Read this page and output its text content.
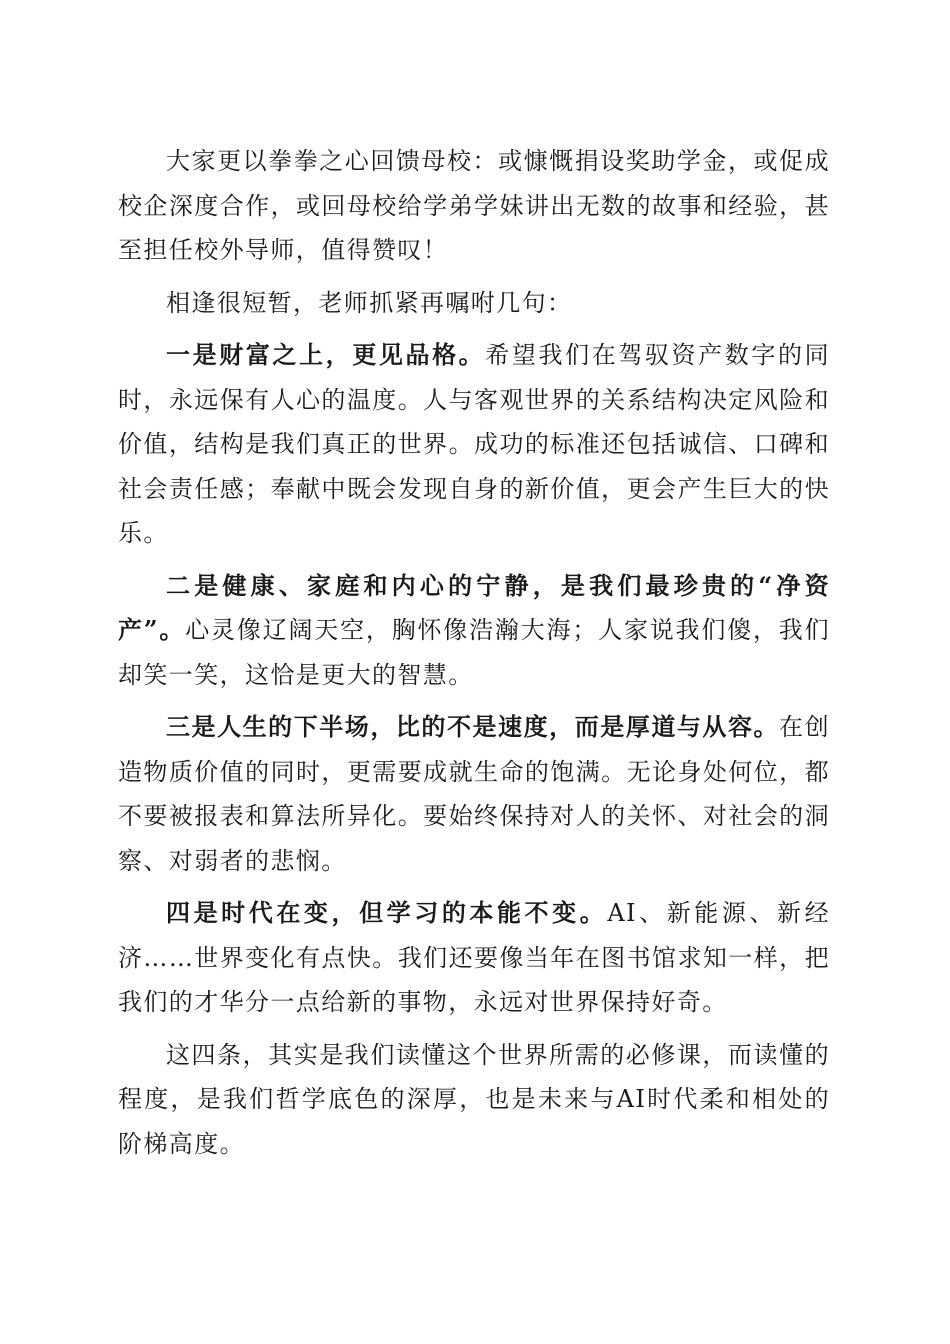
大家更以拳拳之心回馈母校：或慷慨捐设奖助学金，或促成校企深度合作，或回母校给学弟学妹讲出无数的故事和经验，甚至担任校外导师，值得赞叹！

相逢很短暂，老师抓紧再嘱咐几句：

一是财富之上，更见品格。希望我们在驾驭资产数字的同时，永远保有人心的温度。人与客观世界的关系结构决定风险和价值，结构是我们真正的世界。成功的标准还包括诚信、口碑和社会责任感；奉献中既会发现自身的新价值，更会产生巨大的快乐。

二是健康、家庭和内心的宁静，是我们最珍贵的“净资产”。心灵像辽阔天空，胸怀像浩瀚大海；人家说我们傻，我们却笑一笑，这恰是更大的智慧。

三是人生的下半场，比的不是速度，而是厚道与从容。在创造物质价值的同时，更需要成就生命的饱满。无论身处何位，都不要被报表和算法所异化。要始终保持对人的关怀、对社会的洞察、对弱者的悲悯。

四是时代在变，但学习的本能不变。AI、新能源、新经济……世界变化有点快。我们还要像当年在图书馆求知一样，把我们的才华分一点给新的事物，永远对世界保持好奇。

这四条，其实是我们读懂这个世界所需的必修课，而读懂的程度，是我们哲学底色的深厚，也是未来与AI时代柔和相处的阶梯高度。
